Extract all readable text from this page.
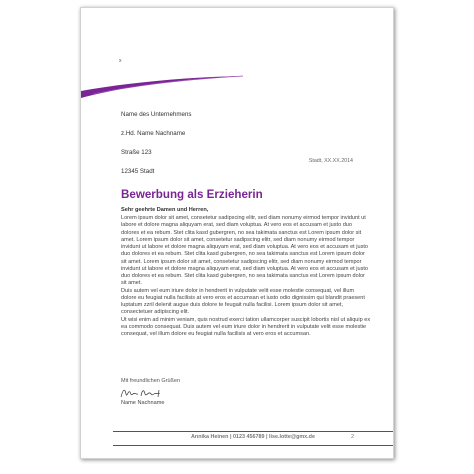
x

Name des Unternehmens

z.Hd. Name Nachname

Straße 123

12345 Stadt

Stadt, XX.XX.2014
Bewerbung als Erzieherin
Sehr geehrte Damen und Herren,

Lorem ipsum dolor sit amet, consetetur sadipscing elitr, sed diam nonumy eirmod tempor invidunt ut labore et dolore magna aliquyam erat, sed diam voluptua. At vero eos et accusam et justo duo dolores et ea rebum. Stet clita kasd gubergren, no sea takimata sanctus est Lorem ipsum dolor sit amet. Lorem ipsum dolor sit amet, consetetur sadipscing elitr, sed diam nonumy eirmod tempor invidunt ut labore et dolore magna aliquyam erat, sed diam voluptua. At vero eos et accusam et justo duo dolores et ea rebum. Stet clita kasd gubergren, no sea takimata sanctus est Lorem ipsum dolor sit amet. Lorem ipsum dolor sit amet, consetetur sadipscing elitr, sed diam nonumy eirmod tempor invidunt ut labore et dolore magna aliquyam erat, sed diam voluptua. At vero eos et accusam et justo duo dolores et ea rebum. Stet clita kasd gubergren, no sea takimata sanctus est Lorem ipsum dolor sit amet.

Duis autem vel eum iriure dolor in hendrerit in vulputate velit esse molestie consequat, vel illum dolore eu feugiat nulla facilisis at vero eros et accumsan et iusto odio dignissim qui blandit praesent luptatum zzril delenit augue duis dolore te feugait nulla facilisi. Lorem ipsum dolor sit amet, consectetuer adipiscing elit.

Ut wisi enim ad minim veniam, quis nostrud exerci tation ullamcorper suscipit lobortis nisl ut aliquip ex ea commodo consequat. Duis autem vel eum iriure dolor in hendrerit in vulputate velit esse molestie consequat, vel illum dolore eu feugiat nulla facilisis at vero eros et accumsan.

Mit freundlichen Grüßen
Name Nachname
Annika Heinen | 0123 456789 | lise.lotte@gmx.de	2
